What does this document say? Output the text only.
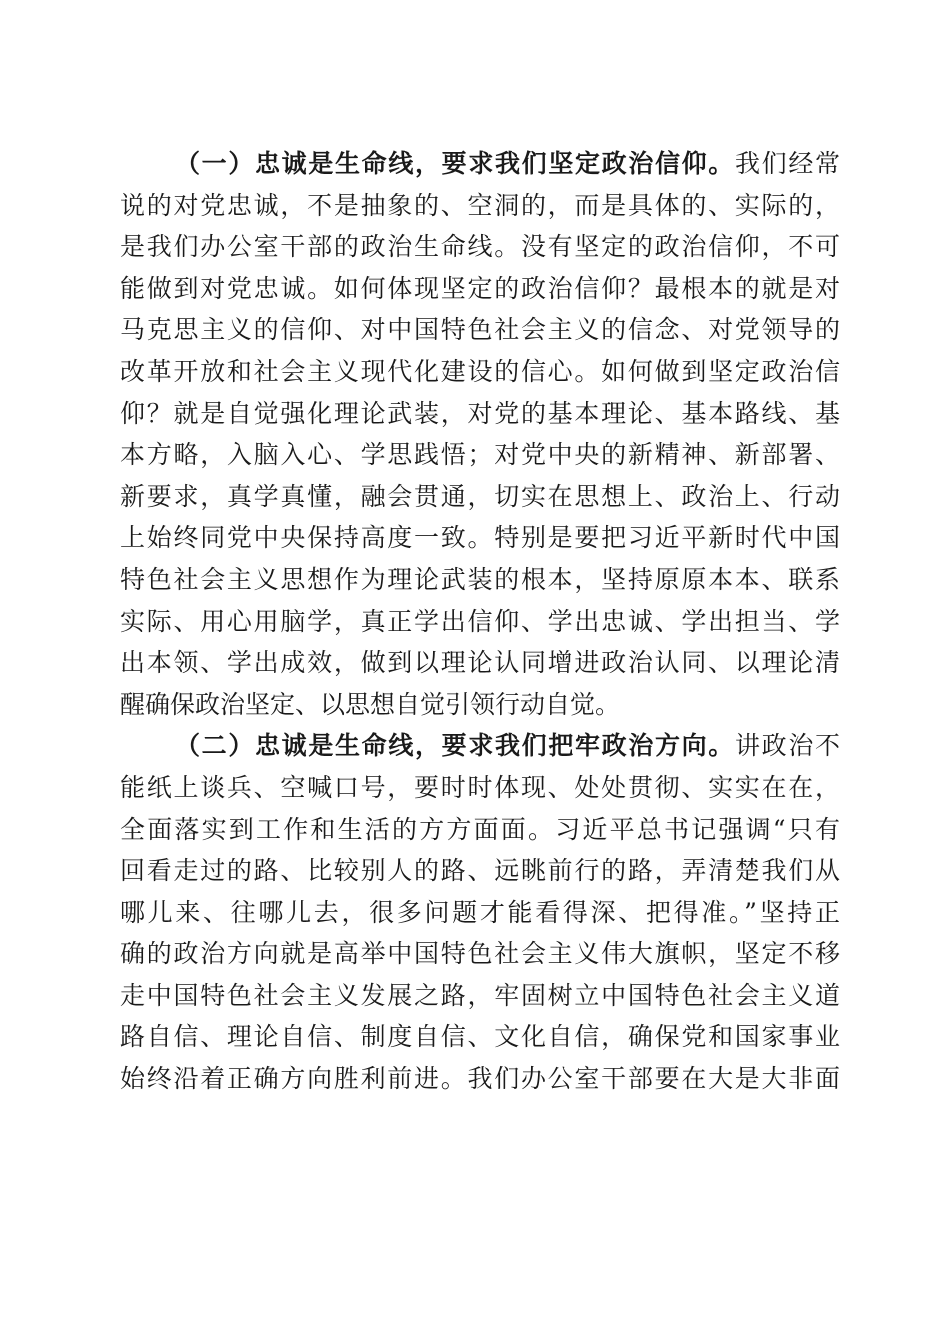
（一）忠诚是生命线，要求我们坚定政治信仰。我们经常
说的对党忠诚，不是抽象的、空洞的，而是具体的、实际的，
是我们办公室干部的政治生命线。没有坚定的政治信仰，不可
能做到对党忠诚。如何体现坚定的政治信仰？最根本的就是对
马克思主义的信仰、对中国特色社会主义的信念、对党领导的
改革开放和社会主义现代化建设的信心。如何做到坚定政治信
仰？就是自觉强化理论武装，对党的基本理论、基本路线、基
本方略，入脑入心、学思践悟；对党中央的新精神、新部署、
新要求，真学真懂，融会贯通，切实在思想上、政治上、行动
上始终同党中央保持高度一致。特别是要把习近平新时代中国
特色社会主义思想作为理论武装的根本，坚持原原本本、联系
实际、用心用脑学，真正学出信仰、学出忠诚、学出担当、学
出本领、学出成效，做到以理论认同增进政治认同、以理论清
醒确保政治坚定、以思想自觉引领行动自觉。
（二）忠诚是生命线，要求我们把牢政治方向。讲政治不
能纸上谈兵、空喊口号，要时时体现、处处贯彻、实实在在，
全面落实到工作和生活的方方面面。习近平总书记强调“只有
回看走过的路、比较别人的路、远眺前行的路，弄清楚我们从
哪儿来、往哪儿去，很多问题才能看得深、把得准。”坚持正
确的政治方向就是高举中国特色社会主义伟大旗帜，坚定不移
走中国特色社会主义发展之路，牢固树立中国特色社会主义道
路自信、理论自信、制度自信、文化自信，确保党和国家事业
始终沿着正确方向胜利前进。我们办公室干部要在大是大非面
